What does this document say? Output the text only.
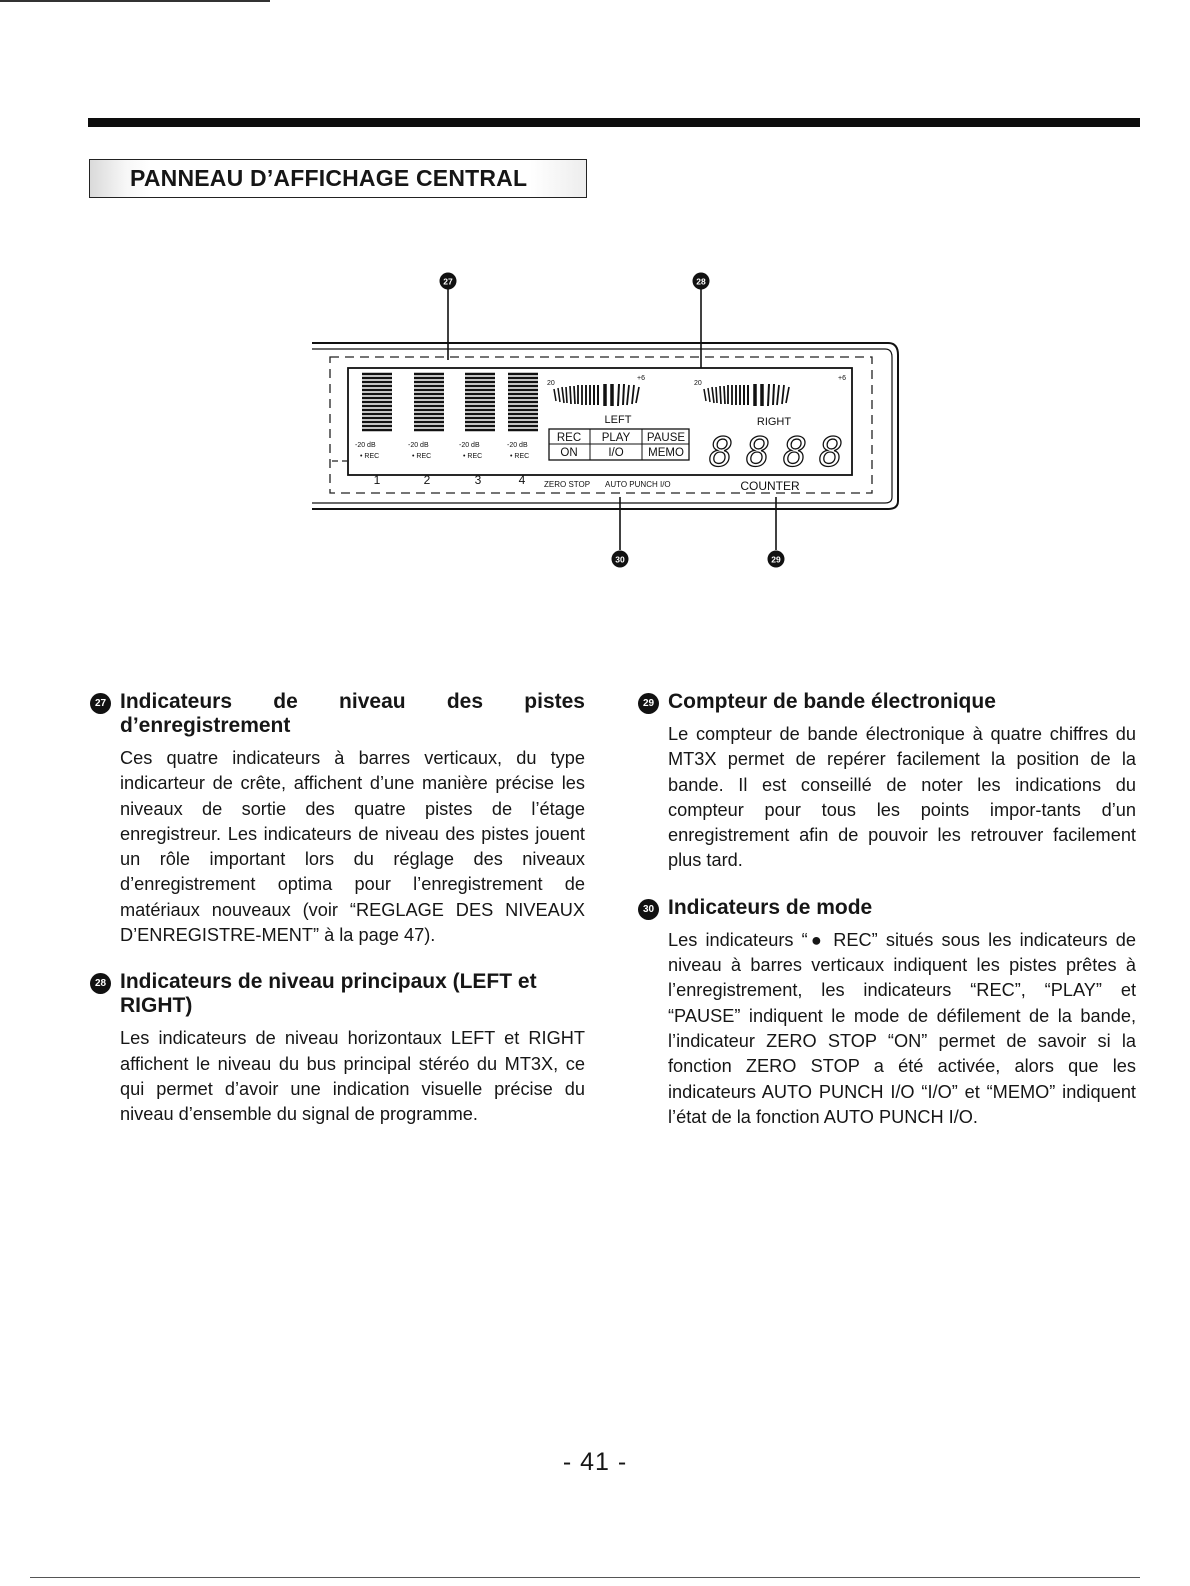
PANNEAU D’AFFICHAGE CENTRAL
27	28
30	29
-20 dB	-20 dB	-20 dB	-20 dB
• REC	• REC	• REC	• REC
1	2	3	4
20
+6
LEFT
20
+6
RIGHT
REC PLAY PAUSE
ON	I/O MEMO
ZERO STOP AUTO PUNCH I/O
8 8 8 8
COUNTER
27 Indicateurs de niveau des pistes d’enregistrement

Ces quatre indicateurs à barres verticaux, du type indicarteur de crête, affichent d’une manière précise les niveaux de sortie des quatre pistes de l’étage enregistreur. Les indicateurs de niveau des pistes jouent un rôle important lors du réglage des niveaux d’enregistrement optima pour l’enregistrement de matériaux nouveaux (voir “REGLAGE DES NIVEAUX D’ENREGISTRE-MENT” à la page 47).

28 Indicateurs de niveau principaux (LEFT et RIGHT)

Les indicateurs de niveau horizontaux LEFT et RIGHT affichent le niveau du bus principal stéréo du MT3X, ce qui permet d’avoir une indication visuelle précise du niveau d’ensemble du signal de programme.

29 Compteur de bande électronique

Le compteur de bande électronique à quatre chiffres du MT3X permet de repérer facilement la position de la bande. Il est conseillé de noter les indications du compteur pour tous les points impor-tants d’un enregistrement afin de pouvoir les retrouver facilement plus tard.

30 Indicateurs de mode

Les indicateurs “● REC” situés sous les indicateurs de niveau à barres verticaux indiquent les pistes prêtes à l’enregistrement, les indicateurs “REC”, “PLAY” et “PAUSE” indiquent le mode de défilement de la bande, l’indicateur ZERO STOP “ON” permet de savoir si la fonction ZERO STOP a été activée, alors que les indicateurs AUTO PUNCH I/O “I/O” et “MEMO” indiquent l’état de la fonction AUTO PUNCH I/O.

- 41 -
